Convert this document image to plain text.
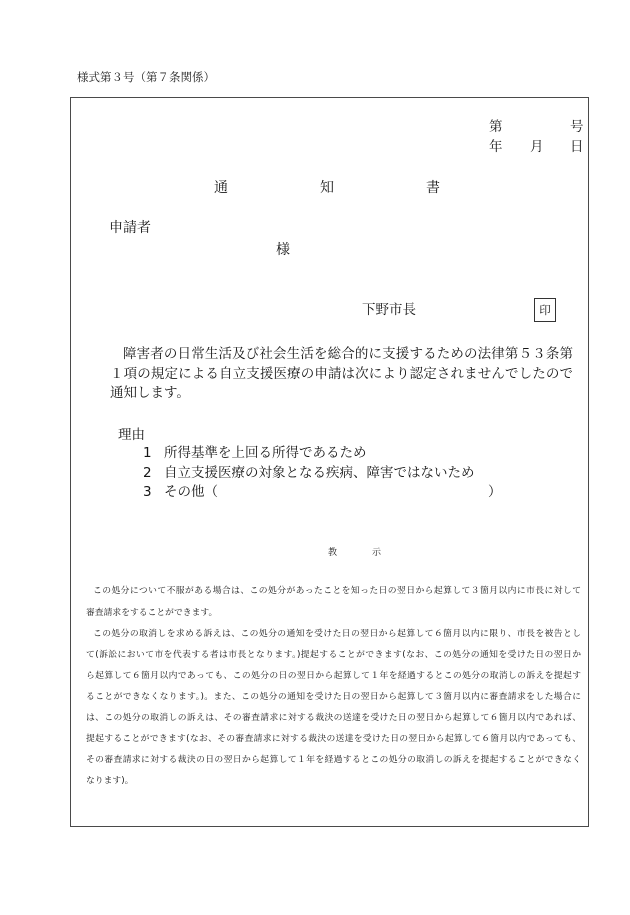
様式第３号（第７条関係）
第	号
年 月 日
通知書
申請者
様
下野市長	印
障害者の日常生活及び社会生活を総合的に支援するための法律第５３条第
１項の規定による自立支援医療の申請は次により認定されませんでしたので
通知します。
理由
1 所得基準を上回る所得であるため
2 自立支援医療の対象となる疾病、障害ではないため
3 その他（	）
教示
この処分について不服がある場合は、この処分があったことを知った日の翌日から起算して３箇月以内に市長に対して
審査請求をすることができます。
この処分の取消しを求める訴えは、この処分の通知を受けた日の翌日から起算して６箇月以内に限り、市長を被告とし
て(訴訟において市を代表する者は市長となります。)提起することができます(なお、この処分の通知を受けた日の翌日か
ら起算して６箇月以内であっても、この処分の日の翌日から起算して１年を経過するとこの処分の取消しの訴えを提起す
ることができなくなります。)。また、この処分の通知を受けた日の翌日から起算して３箇月以内に審査請求をした場合に
は、この処分の取消しの訴えは、その審査請求に対する裁決の送達を受けた日の翌日から起算して６箇月以内であれば、
提起することができます(なお、その審査請求に対する裁決の送達を受けた日の翌日から起算して６箇月以内であっても、
その審査請求に対する裁決の日の翌日から起算して１年を経過するとこの処分の取消しの訴えを提起することができなく
なります)。
